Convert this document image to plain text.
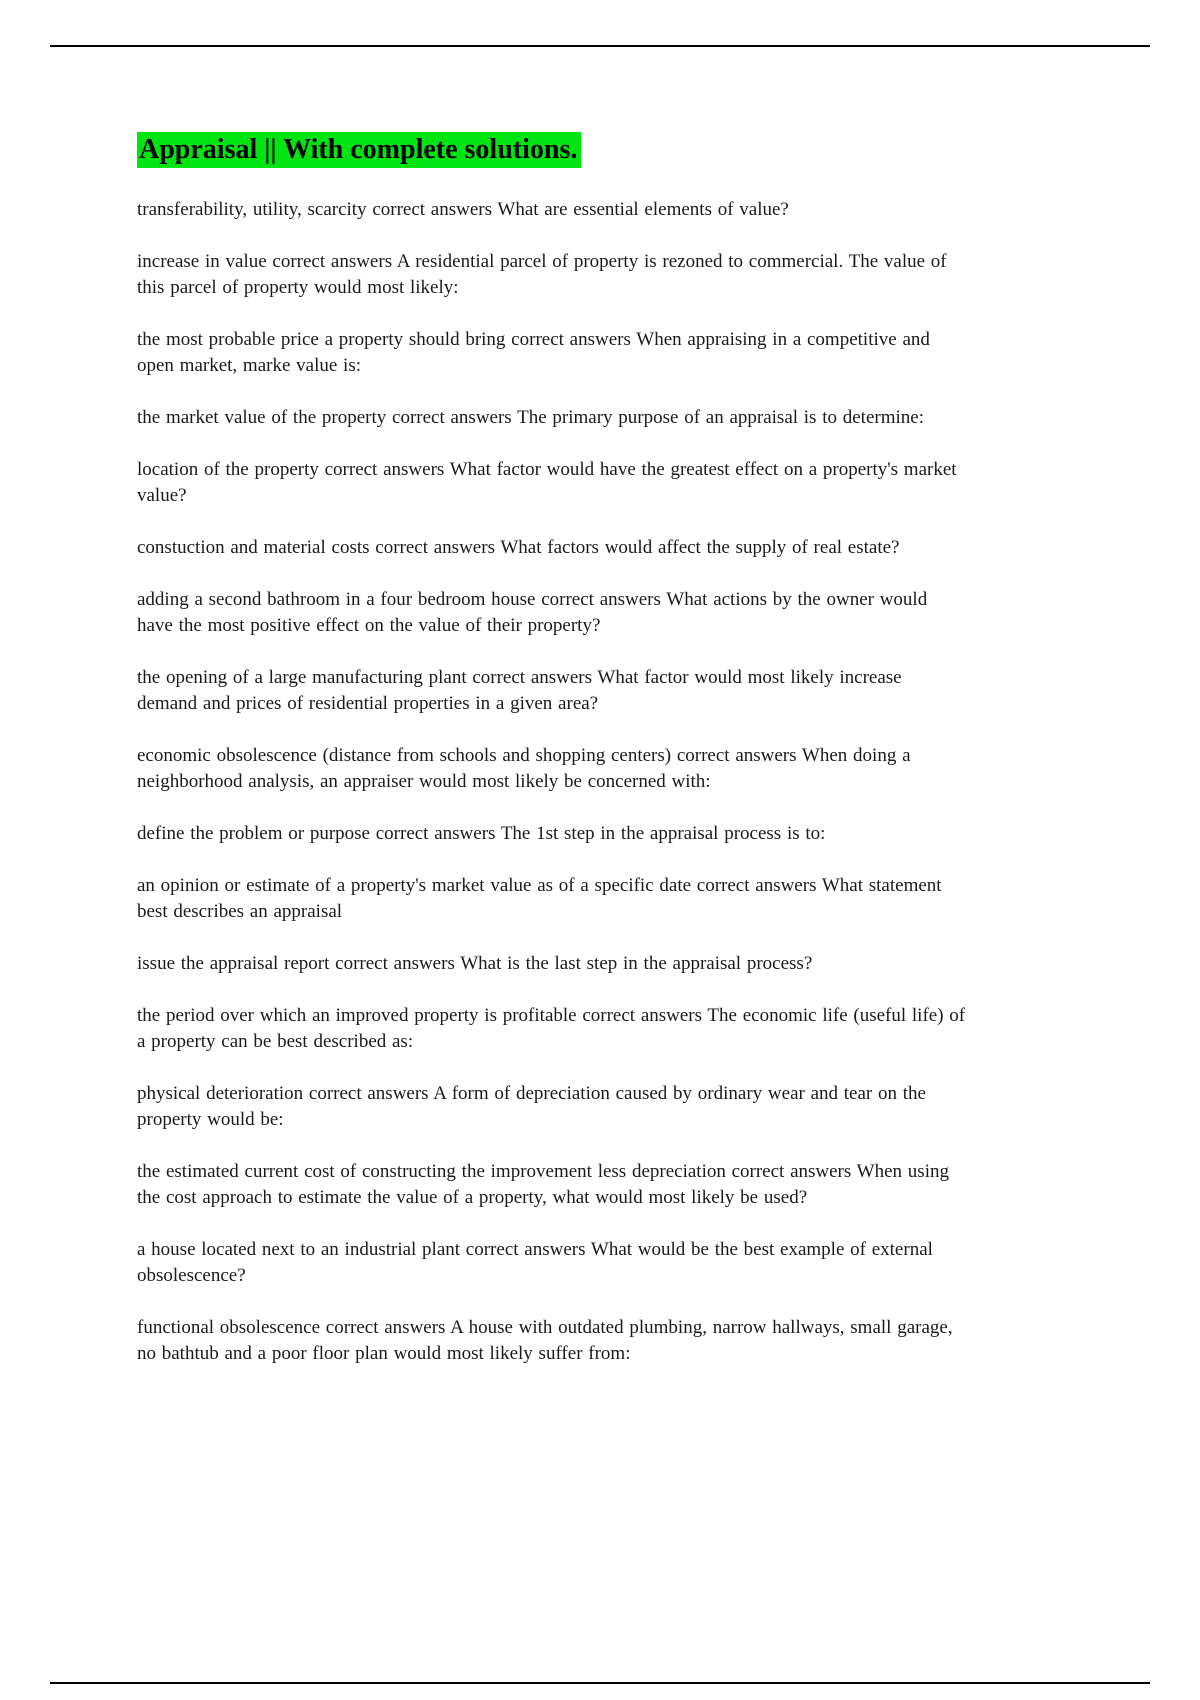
Appraisal || With complete solutions.

transferability, utility, scarcity correct answers What are essential elements of value?

increase in value correct answers A residential parcel of property is rezoned to commercial. The value of this parcel of property would most likely:

the most probable price a property should bring correct answers When appraising in a competitive and open market, marke value is:

the market value of the property correct answers The primary purpose of an appraisal is to determine:

location of the property correct answers What factor would have the greatest effect on a property's market value?

constuction and material costs correct answers What factors would affect the supply of real estate?

adding a second bathroom in a four bedroom house correct answers What actions by the owner would have the most positive effect on the value of their property?

the opening of a large manufacturing plant correct answers What factor would most likely increase demand and prices of residential properties in a given area?

economic obsolescence (distance from schools and shopping centers) correct answers When doing a neighborhood analysis, an appraiser would most likely be concerned with:

define the problem or purpose correct answers The 1st step in the appraisal process is to:

an opinion or estimate of a property's market value as of a specific date correct answers What statement best describes an appraisal

issue the appraisal report correct answers What is the last step in the appraisal process?

the period over which an improved property is profitable correct answers The economic life (useful life) of a property can be best described as:

physical deterioration correct answers A form of depreciation caused by ordinary wear and tear on the property would be:

the estimated current cost of constructing the improvement less depreciation correct answers When using the cost approach to estimate the value of a property, what would most likely be used?

a house located next to an industrial plant correct answers What would be the best example of external obsolescence?

functional obsolescence correct answers A house with outdated plumbing, narrow hallways, small garage, no bathtub and a poor floor plan would most likely suffer from:
